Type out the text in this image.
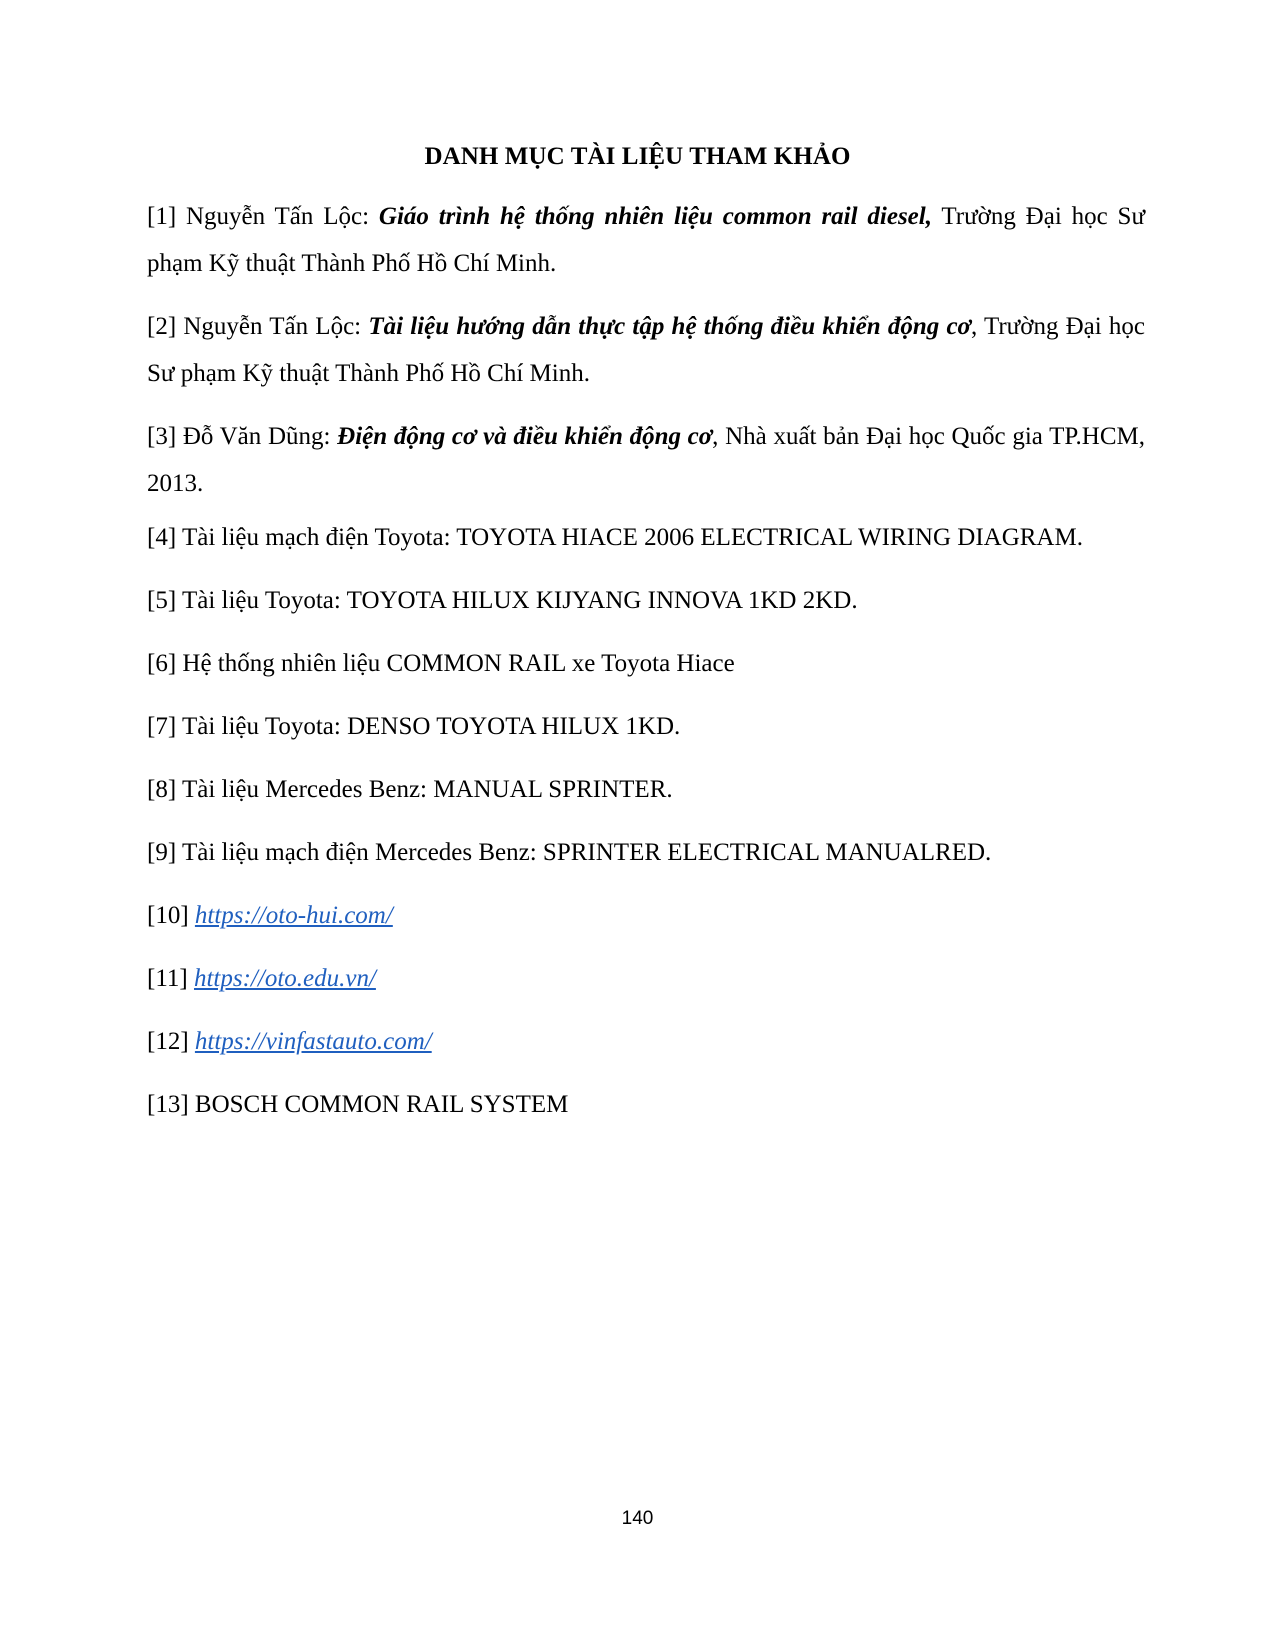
DANH MỤC TÀI LIỆU THAM KHẢO

[1] Nguyễn Tấn Lộc: Giáo trình hệ thống nhiên liệu common rail diesel, Trường Đại học Sư phạm Kỹ thuật Thành Phố Hồ Chí Minh.

[2] Nguyễn Tấn Lộc: Tài liệu hướng dẫn thực tập hệ thống điều khiển động cơ, Trường Đại học Sư phạm Kỹ thuật Thành Phố Hồ Chí Minh.

[3] Đỗ Văn Dũng: Điện động cơ và điều khiển động cơ, Nhà xuất bản Đại học Quốc gia TP.HCM, 2013.

[4] Tài liệu mạch điện Toyota: TOYOTA HIACE 2006 ELECTRICAL WIRING DIAGRAM.

[5] Tài liệu Toyota: TOYOTA HILUX KIJYANG INNOVA 1KD 2KD.

[6] Hệ thống nhiên liệu COMMON RAIL xe Toyota Hiace

[7] Tài liệu Toyota: DENSO TOYOTA HILUX 1KD.

[8] Tài liệu Mercedes Benz: MANUAL SPRINTER.

[9] Tài liệu mạch điện Mercedes Benz: SPRINTER ELECTRICAL MANUALRED.

[10] https://oto-hui.com/

[11] https://oto.edu.vn/

[12] https://vinfastauto.com/

[13] BOSCH COMMON RAIL SYSTEM

140
